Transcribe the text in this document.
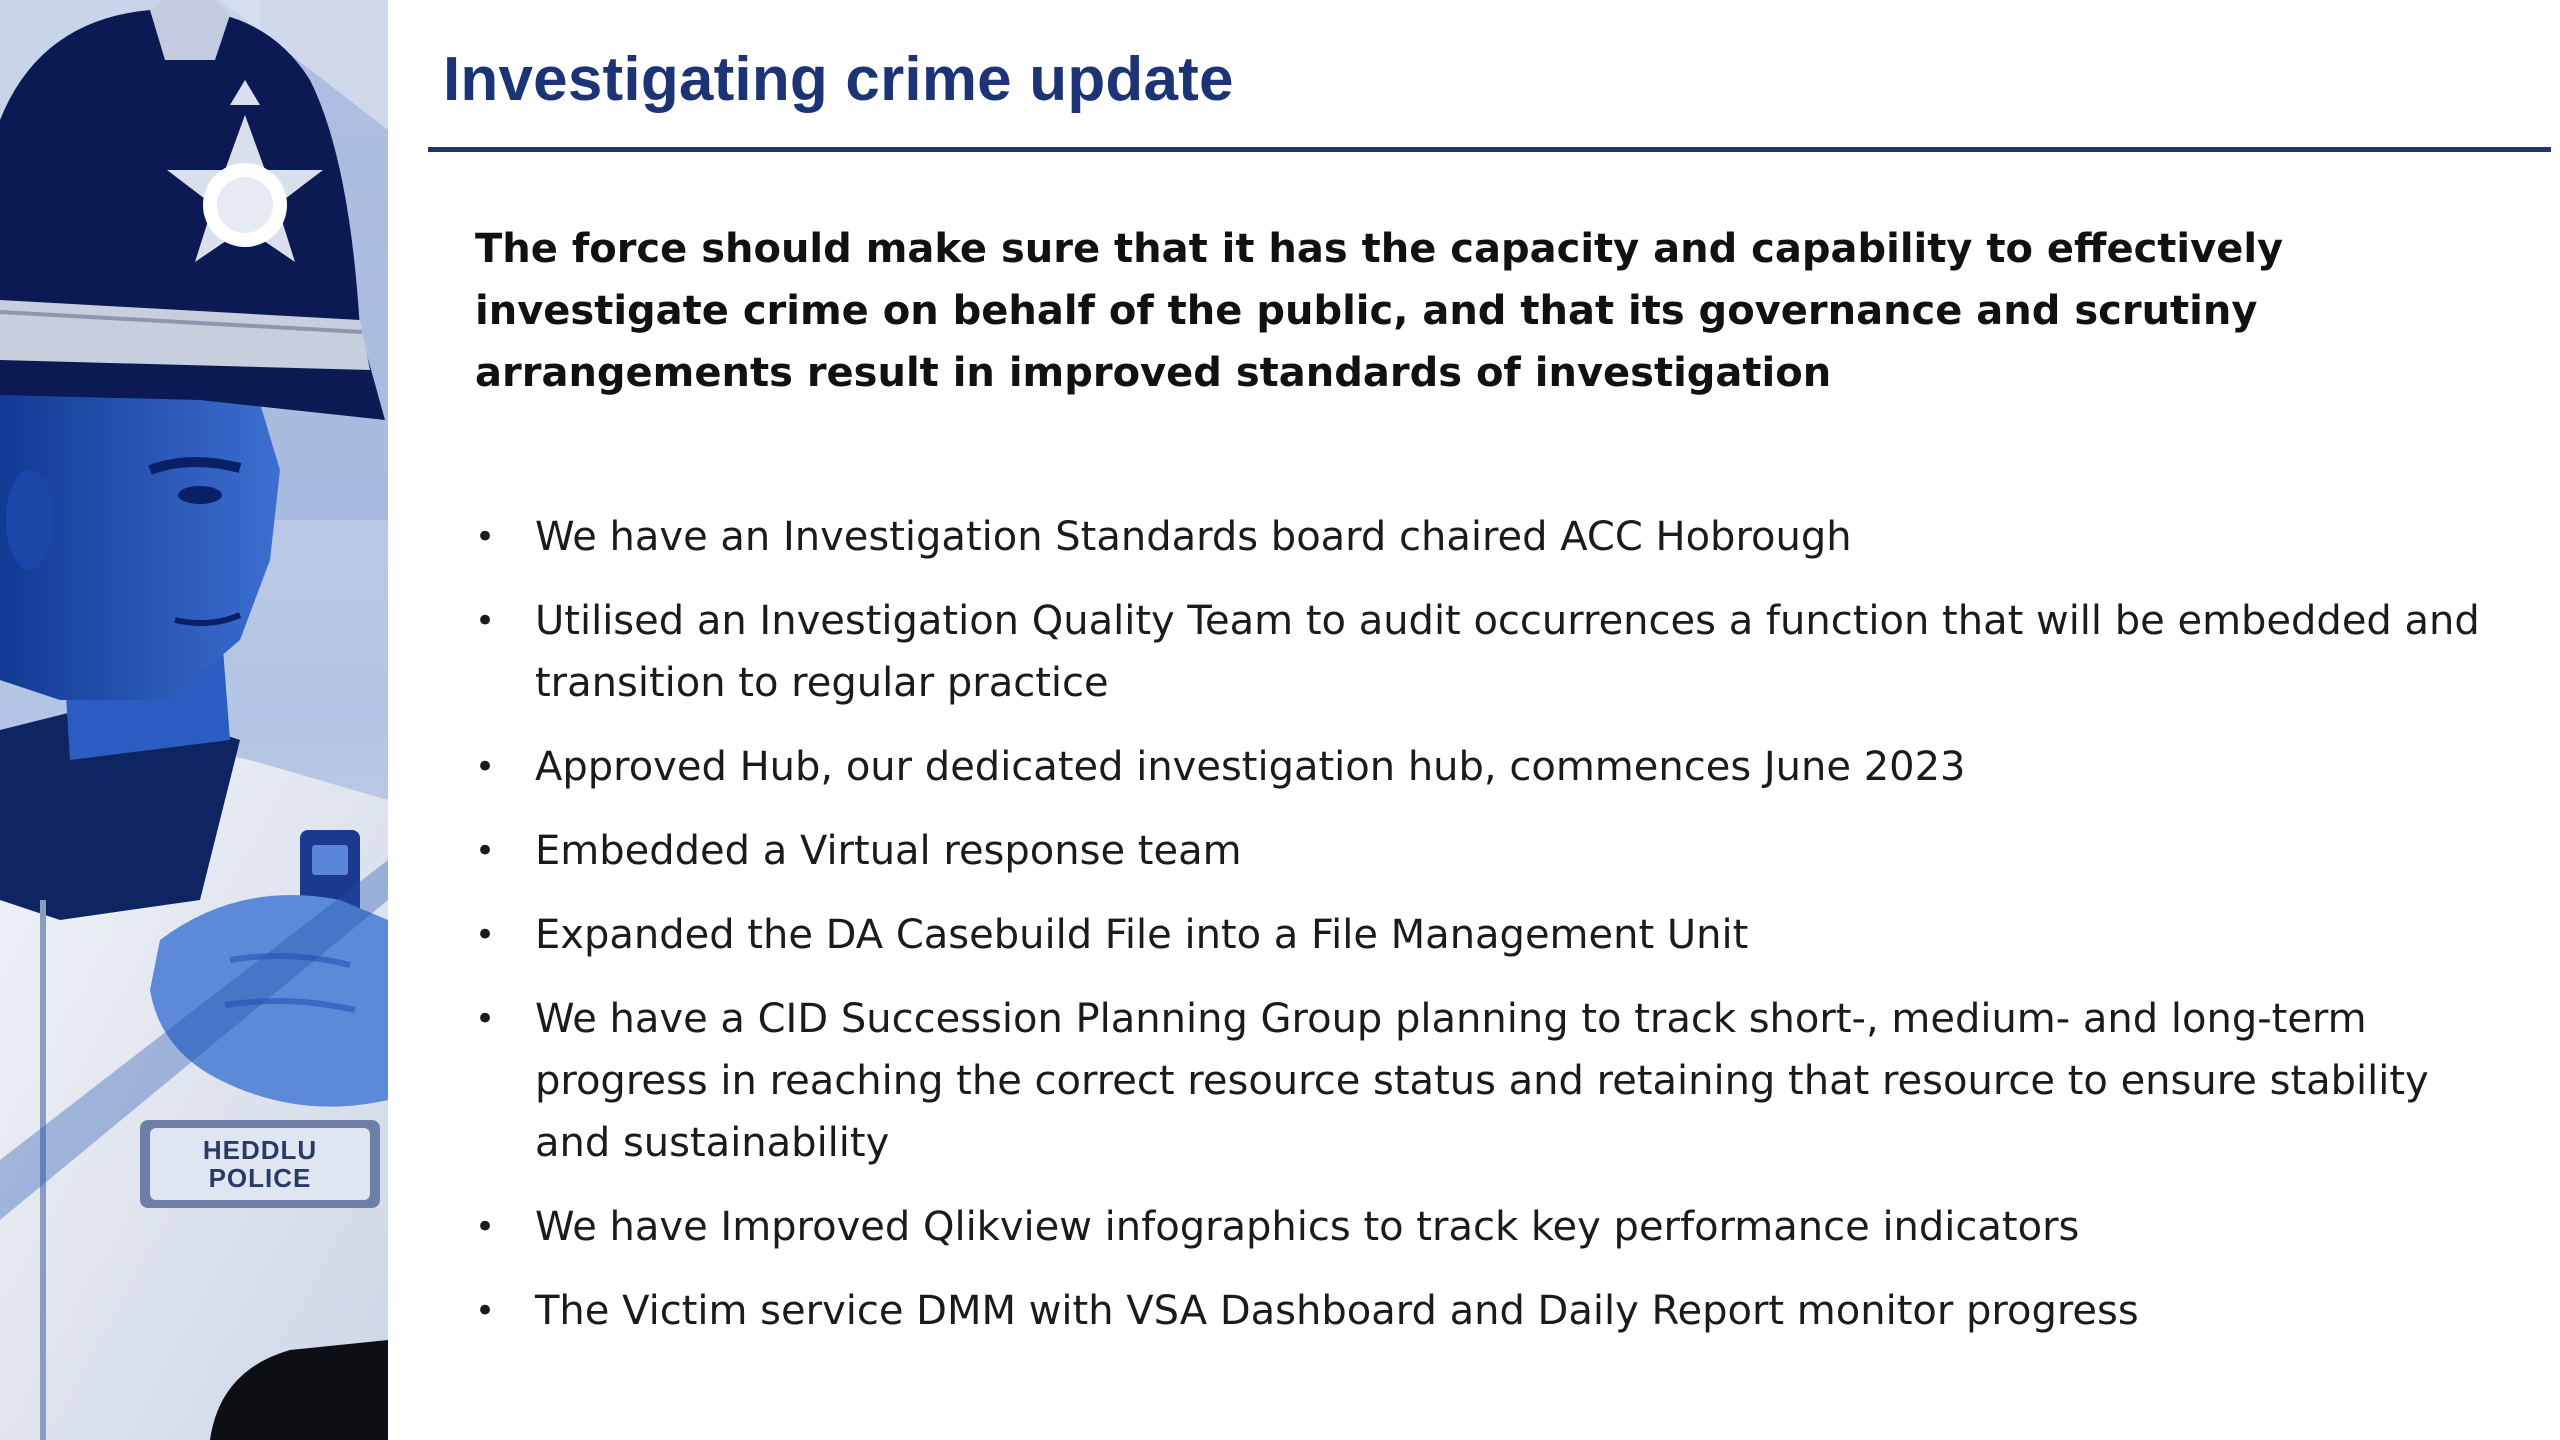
HEDDLU POLICE
Investigating crime update

The force should make sure that it has the capacity and capability to effectively investigate crime on behalf of the public, and that its governance and scrutiny arrangements result in improved standards of investigation

• We have an Investigation Standards board chaired ACC Hobrough
• Utilised an Investigation Quality Team to audit occurrences a function that will be embedded and transition to regular practice
• Approved Hub, our dedicated investigation hub, commences June 2023
• Embedded a Virtual response team
• Expanded the DA Casebuild File into a File Management Unit
• We have a CID Succession Planning Group planning to track short-, medium- and long-term progress in reaching the correct resource status and retaining that resource to ensure stability and sustainability
• We have Improved Qlikview infographics to track key performance indicators
• The Victim service DMM with VSA Dashboard and Daily Report monitor progress
